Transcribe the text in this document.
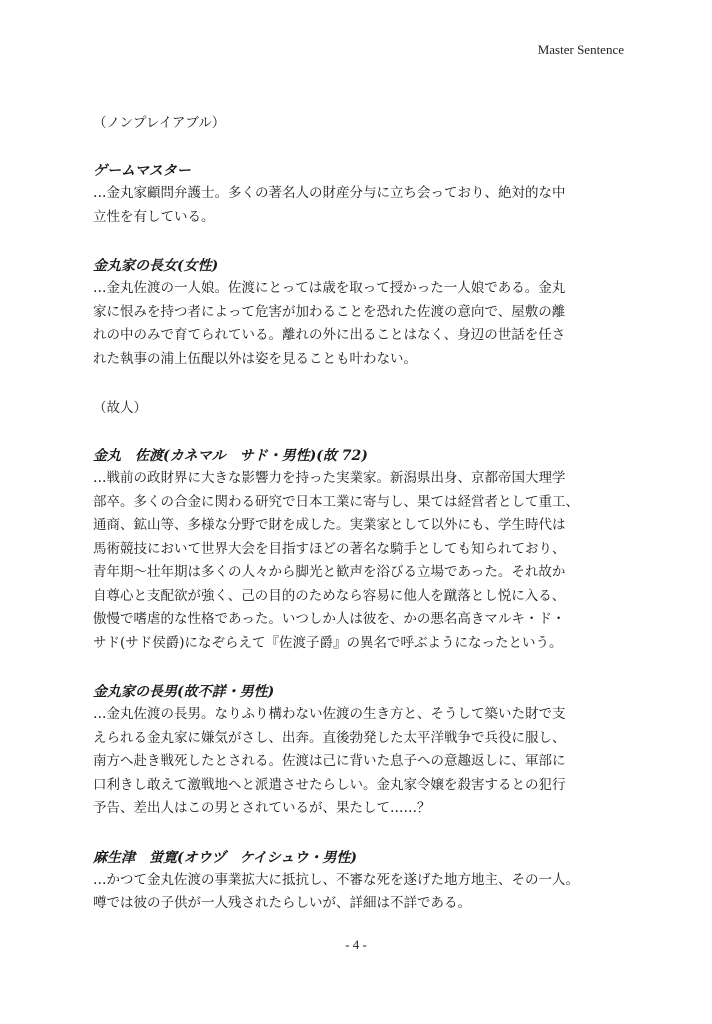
Master Sentence

（ノンプレイアブル）

ゲームマスター

…金丸家顧問弁護士。多くの著名人の財産分与に立ち会っており、絶対的な中

立性を有している。

金丸家の長女(女性)

…金丸佐渡の一人娘。佐渡にとっては歳を取って授かった一人娘である。金丸

家に恨みを持つ者によって危害が加わることを恐れた佐渡の意向で、屋敷の離

れの中のみで育てられている。離れの外に出ることはなく、身辺の世話を任さ

れた執事の浦上伍醍以外は姿を見ることも叶わない。

（故人）

金丸　佐渡(カネマル　サド・男性)(故 72)

…戦前の政財界に大きな影響力を持った実業家。新潟県出身、京都帝国大理学

部卒。多くの合金に関わる研究で日本工業に寄与し、果ては経営者として重工、

通商、鉱山等、多様な分野で財を成した。実業家として以外にも、学生時代は

馬術競技において世界大会を目指すほどの著名な騎手としても知られており、

青年期〜壮年期は多くの人々から脚光と歓声を浴びる立場であった。それ故か

自尊心と支配欲が強く、己の目的のためなら容易に他人を蹴落とし悦に入る、

傲慢で嗜虐的な性格であった。いつしか人は彼を、かの悪名高きマルキ・ド・

サド(サド侯爵)になぞらえて『佐渡子爵』の異名で呼ぶようになったという。

金丸家の長男(故不詳・男性)

…金丸佐渡の長男。なりふり構わない佐渡の生き方と、そうして築いた財で支

えられる金丸家に嫌気がさし、出奔。直後勃発した太平洋戦争で兵役に服し、

南方へ赴き戦死したとされる。佐渡は己に背いた息子への意趣返しに、軍部に

口利きし敢えて激戦地へと派遣させたらしい。金丸家令嬢を殺害するとの犯行

予告、差出人はこの男とされているが、果たして……？

麻生津　蛍寛(オウヅ　ケイシュウ・男性)

…かつて金丸佐渡の事業拡大に抵抗し、不審な死を遂げた地方地主、その一人。

噂では彼の子供が一人残されたらしいが、詳細は不詳である。

- 4 -
